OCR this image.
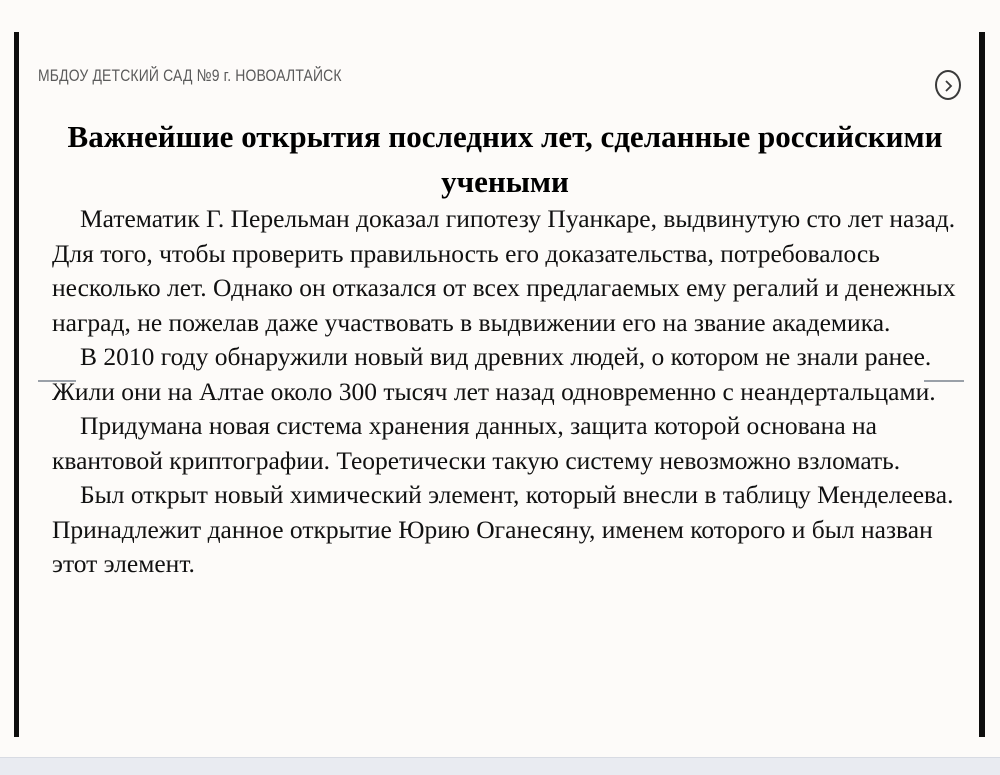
МБДОУ ДЕТСКИЙ САД №9 г. НОВОАЛТАЙСК
Важнейшие открытия последних лет, сделанные российскими учеными

Математик Г. Перельман доказал гипотезу Пуанкаре, выдвинутую сто лет назад. Для того, чтобы проверить правильность его доказательства, потребовалось несколько лет. Однако он отказался от всех предлагаемых ему регалий и денежных наград, не пожелав даже участвовать в выдвижении его на звание академика.

В 2010 году обнаружили новый вид древних людей, о котором не знали ранее. Жили они на Алтае около 300 тысяч лет назад одновременно с неандертальцами.

Придумана новая система хранения данных, защита которой основана на квантовой криптографии. Теоретически такую систему невозможно взломать.

Был открыт новый химический элемент, который внесли в таблицу Менделеева. Принадлежит данное открытие Юрию Оганесяну, именем которого и был назван этот элемент.
